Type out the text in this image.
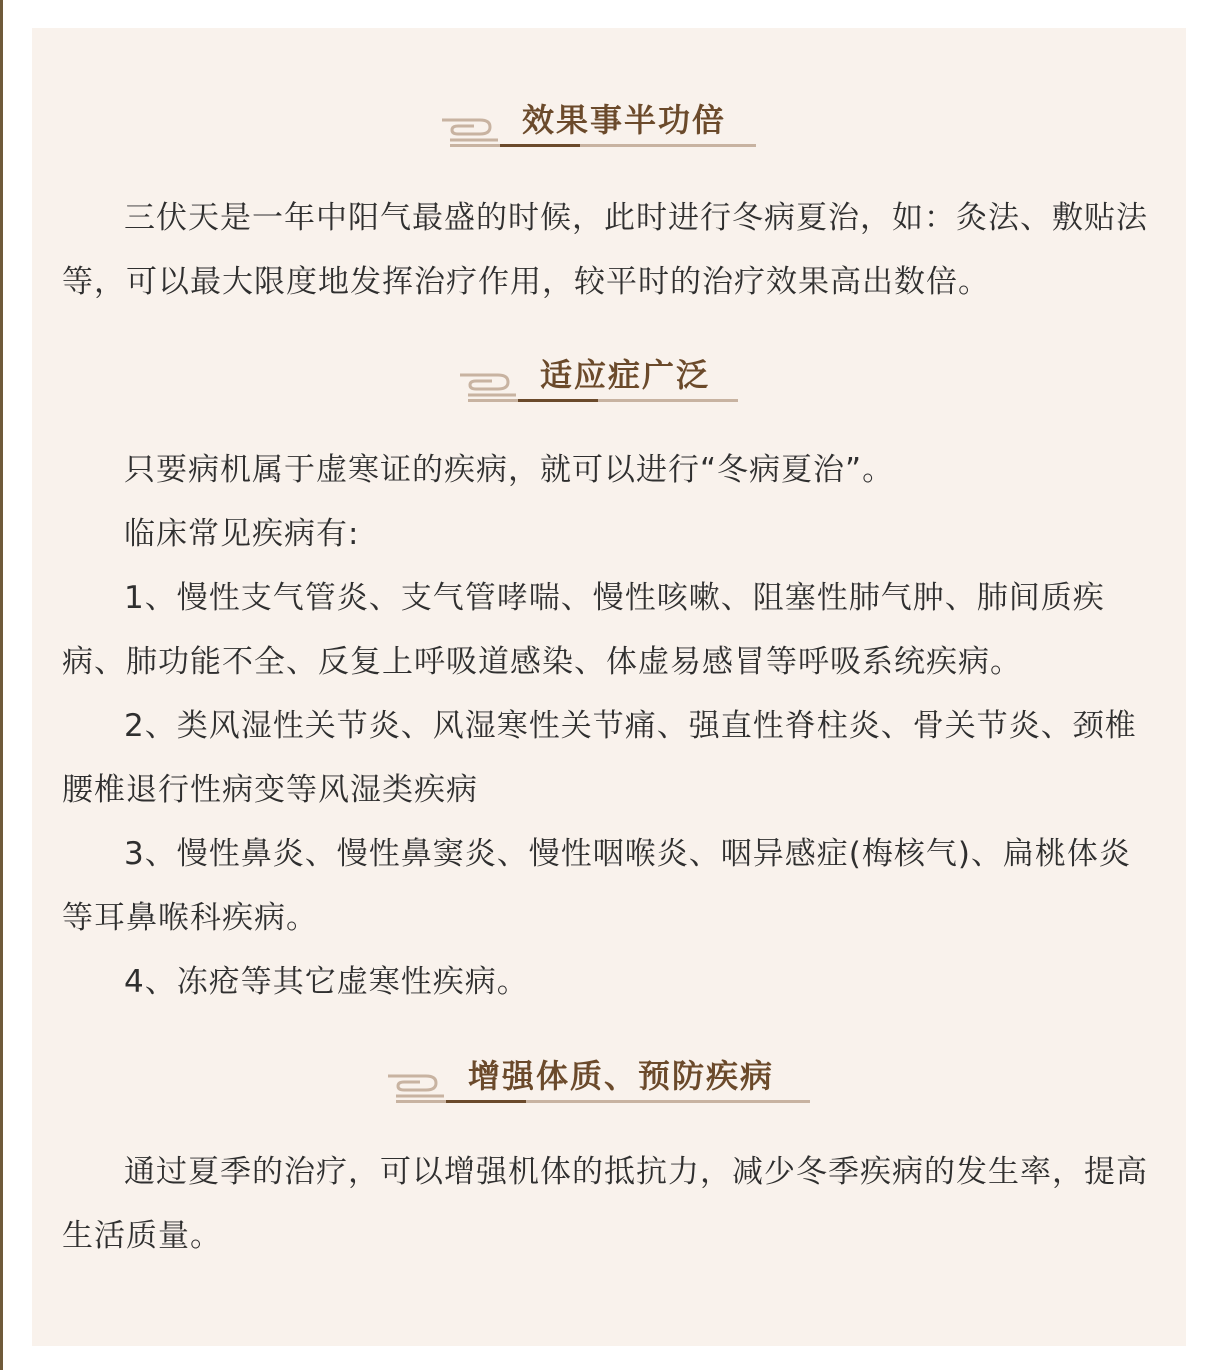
效果事半功倍

三伏天是一年中阳气最盛的时候，此时进行冬病夏治，如：灸法、敷贴法等，可以最大限度地发挥治疗作用，较平时的治疗效果高出数倍。

适应症广泛

只要病机属于虚寒证的疾病，就可以进行“冬病夏治”。

临床常见疾病有:

1、慢性支气管炎、支气管哮喘、慢性咳嗽、阻塞性肺气肿、肺间质疾病、肺功能不全、反复上呼吸道感染、体虚易感冒等呼吸系统疾病。

2、类风湿性关节炎、风湿寒性关节痛、强直性脊柱炎、骨关节炎、颈椎腰椎退行性病变等风湿类疾病

3、慢性鼻炎、慢性鼻窦炎、慢性咽喉炎、咽异感症(梅核气)、扁桃体炎等耳鼻喉科疾病。

4、冻疮等其它虚寒性疾病。

增强体质、预防疾病

通过夏季的治疗，可以增强机体的抵抗力，减少冬季疾病的发生率，提高生活质量。
